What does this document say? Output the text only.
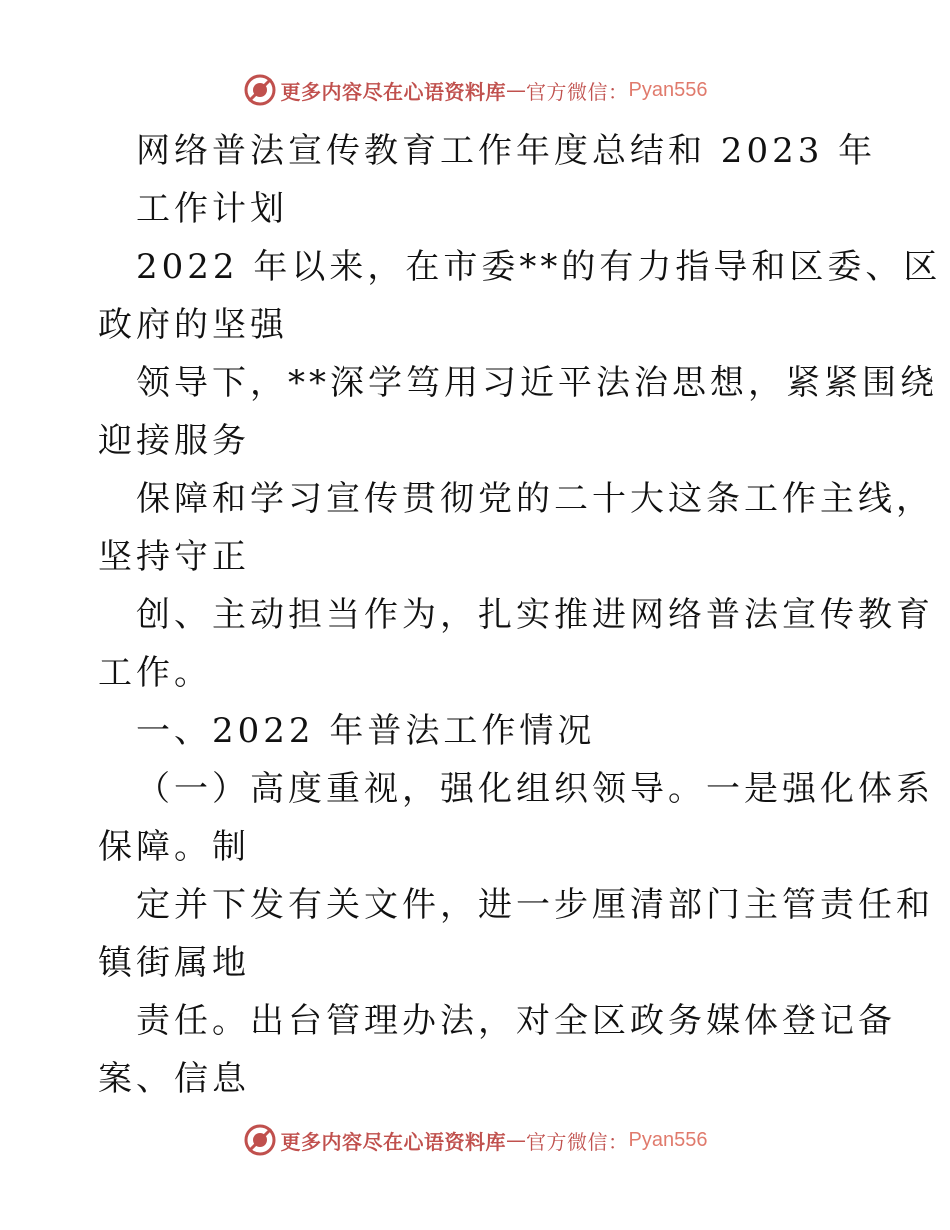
更多内容尽在心语资料库 — 官方微信： Pyan556
网络普法宣传教育工作年度总结和 2023 年
工作计划
2022 年以来，在市委**的有力指导和区委、区
政府的坚强
领导下，**深学笃用习近平法治思想，紧紧围绕
迎接服务
保障和学习宣传贯彻党的二十大这条工作主线，
坚持守正
创、主动担当作为，扎实推进网络普法宣传教育
工作。
一、2022 年普法工作情况
（一）高度重视，强化组织领导。一是强化体系
保障。制
定并下发有关文件，进一步厘清部门主管责任和
镇街属地
责任。出台管理办法，对全区政务媒体登记备
案、信息
更多内容尽在心语资料库 — 官方微信： Pyan556
